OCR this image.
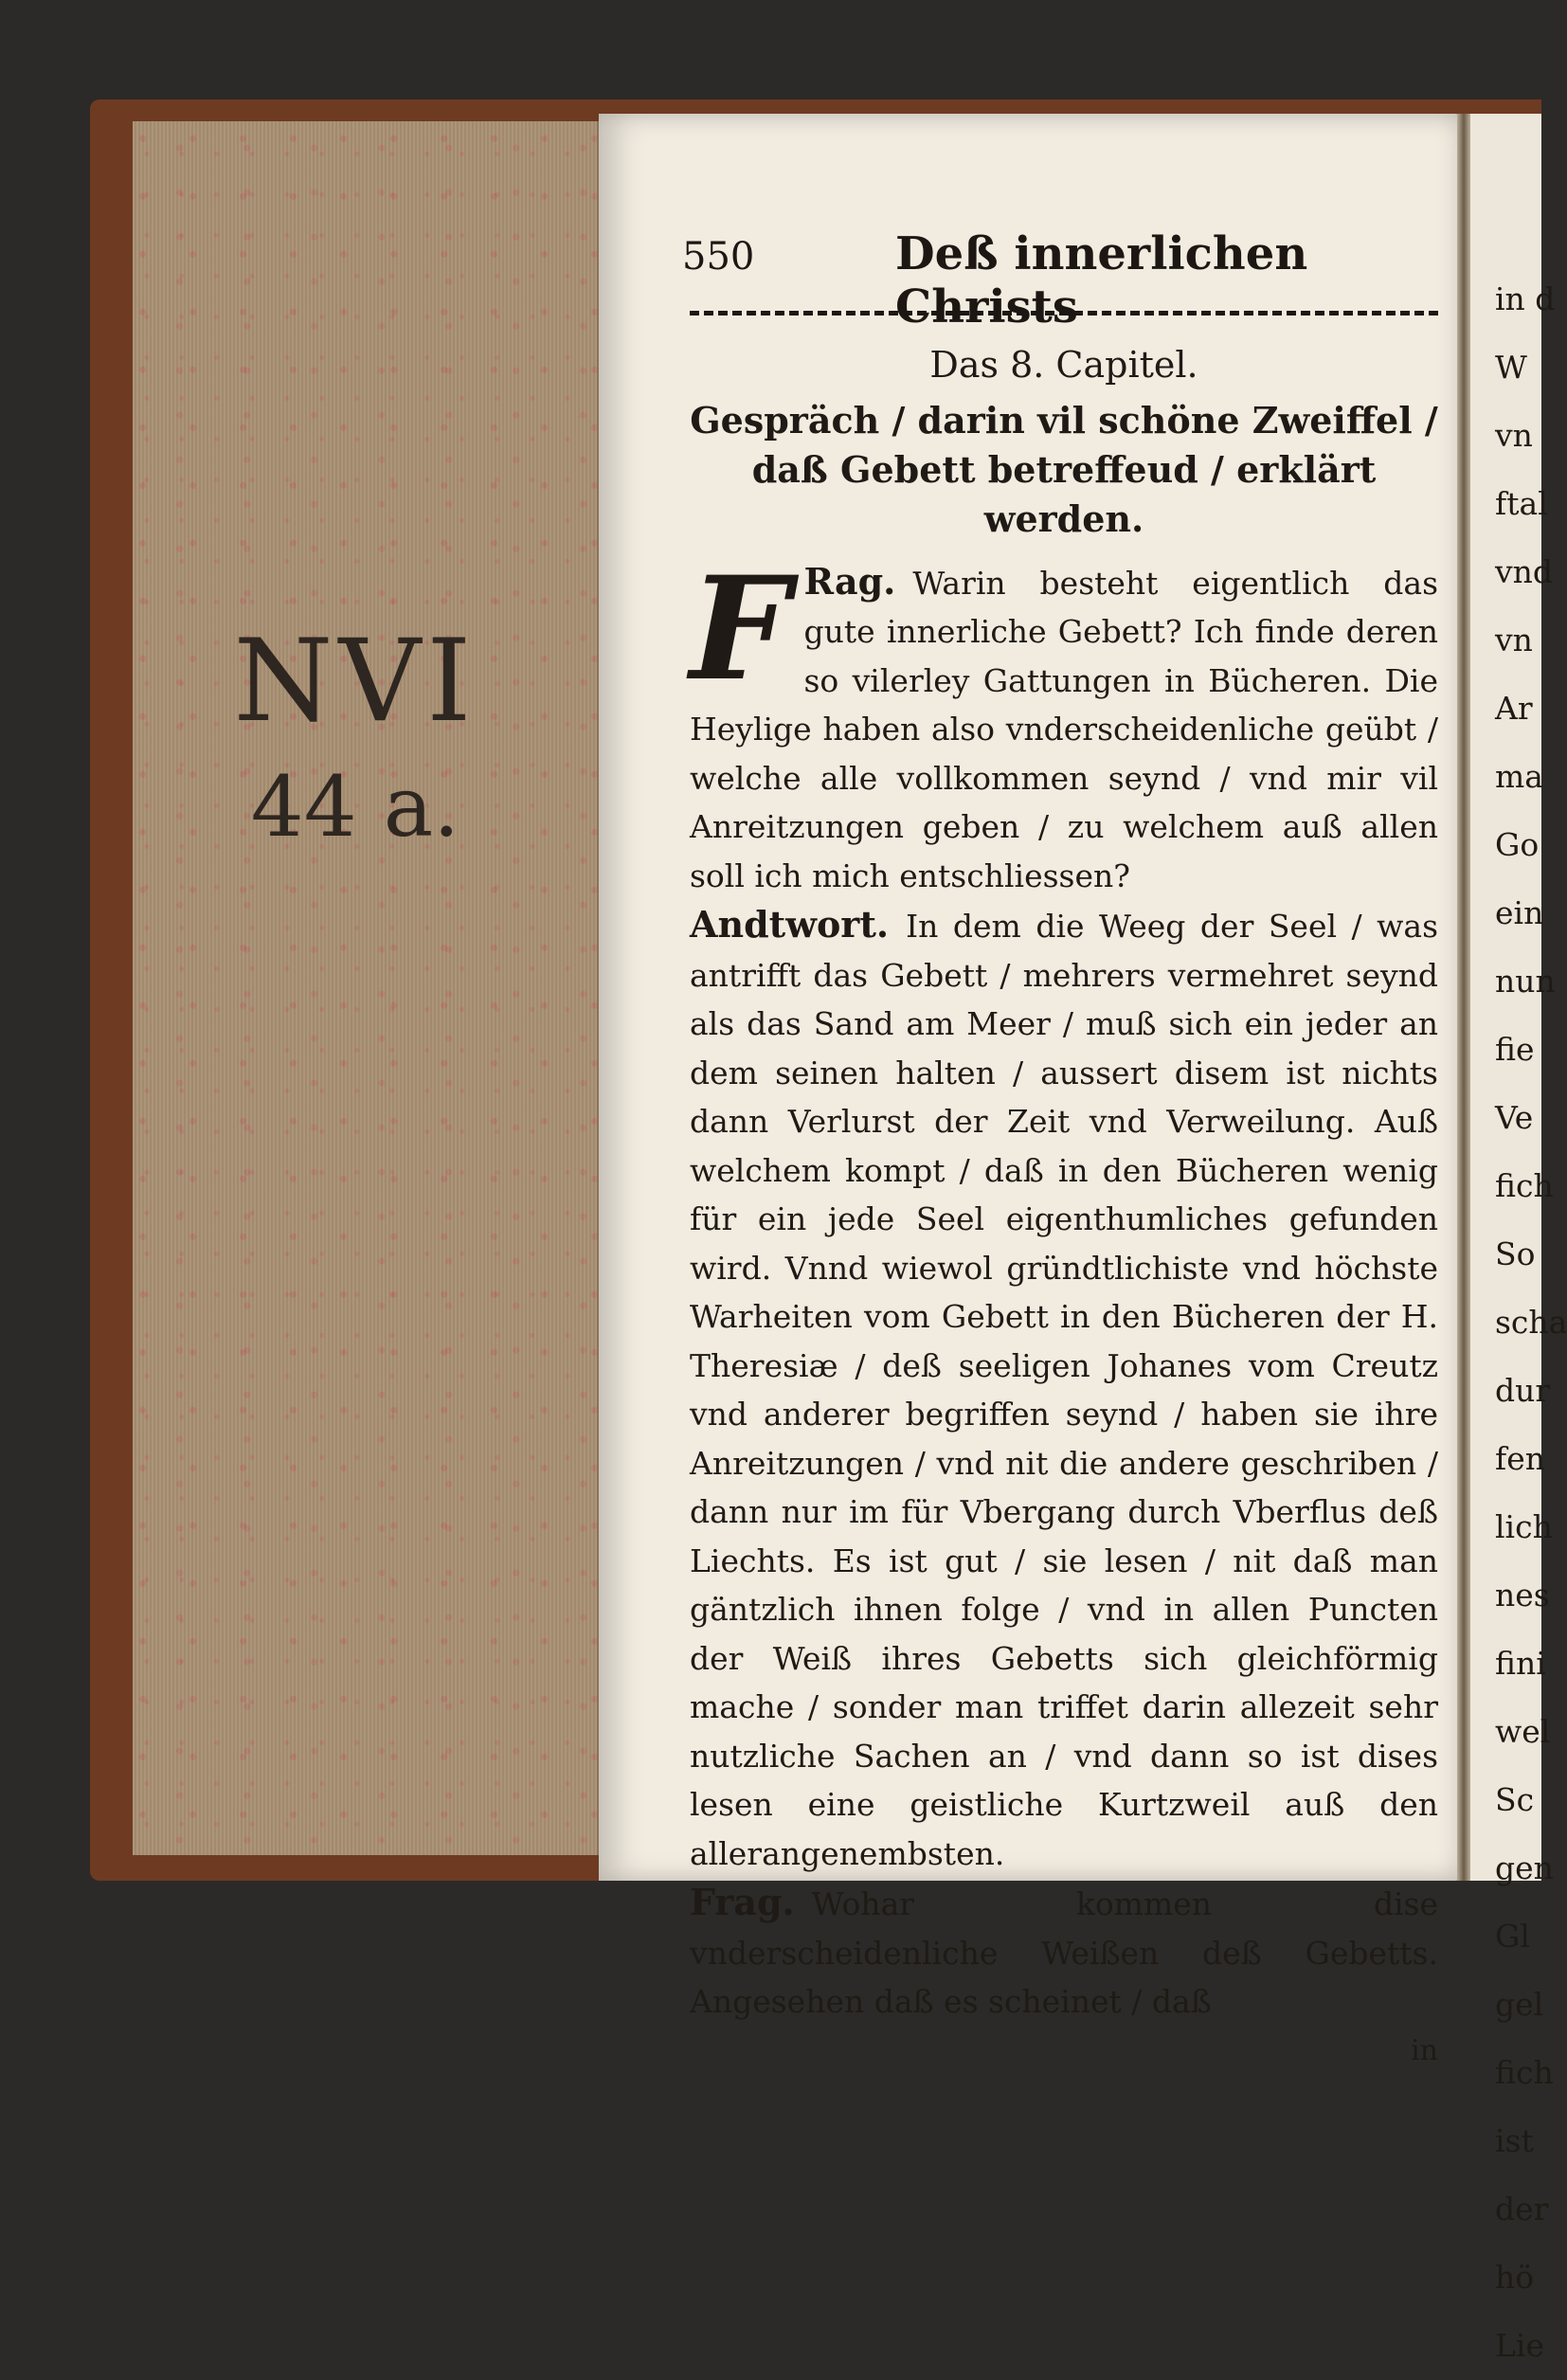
NVI
44 a.
550	Deß innerlichen Christs
Das 8. Capitel.
Gespräch / darin vil schöne Zweiffel / daß Gebett betreffeud / erklärt werden.

F Rag. Warin besteht eigentlich das gute innerliche Gebett? Ich finde deren so vilerley Gattungen in Bücheren. Die Heylige haben also vnderscheidenliche geübt / welche alle vollkommen seynd / vnd mir vil Anreitzungen geben / zu welchem auß allen soll ich mich entschliessen?

Andtwort. In dem die Weeg der Seel / was antrifft das Gebett / mehrers vermehret seynd als das Sand am Meer / muß sich ein jeder an dem seinen halten / aussert disem ist nichts dann Verlurst der Zeit vnd Verweilung. Auß welchem kompt / daß in den Bücheren wenig für ein jede Seel eigenthumliches gefunden wird. Vnnd wiewol gründtlichiste vnd höchste Warheiten vom Gebett in den Bücheren der H. Theresiæ / deß seeligen Johanes vom Creutz vnd anderer begriffen seynd / haben sie ihre Anreitzungen / vnd nit die andere geschriben / dann nur im für Vbergang durch Vberflus deß Liechts. Es ist gut / sie lesen / nit daß man gäntzlich ihnen folge / vnd in allen Puncten der Weiß ihres Gebetts sich gleichförmig mache / sonder man triffet darin allezeit sehr nutzliche Sachen an / vnd dann so ist dises lesen eine geistliche Kurtzweil auß den allerangenembsten.

Frag. Wohar kommen dise vnderscheidenliche Weißen deß Gebetts. Angesehen daß es scheinet / daß

in
in d
W
vn
ftal
vnd
vn
Ar
ma
Go
ein
nun
fie
Ve
fich
So
scha
dur
fen
lich
nes
fini
wel
Sc
gen
Gl
gel
fich
ist
der
hö
Lie
